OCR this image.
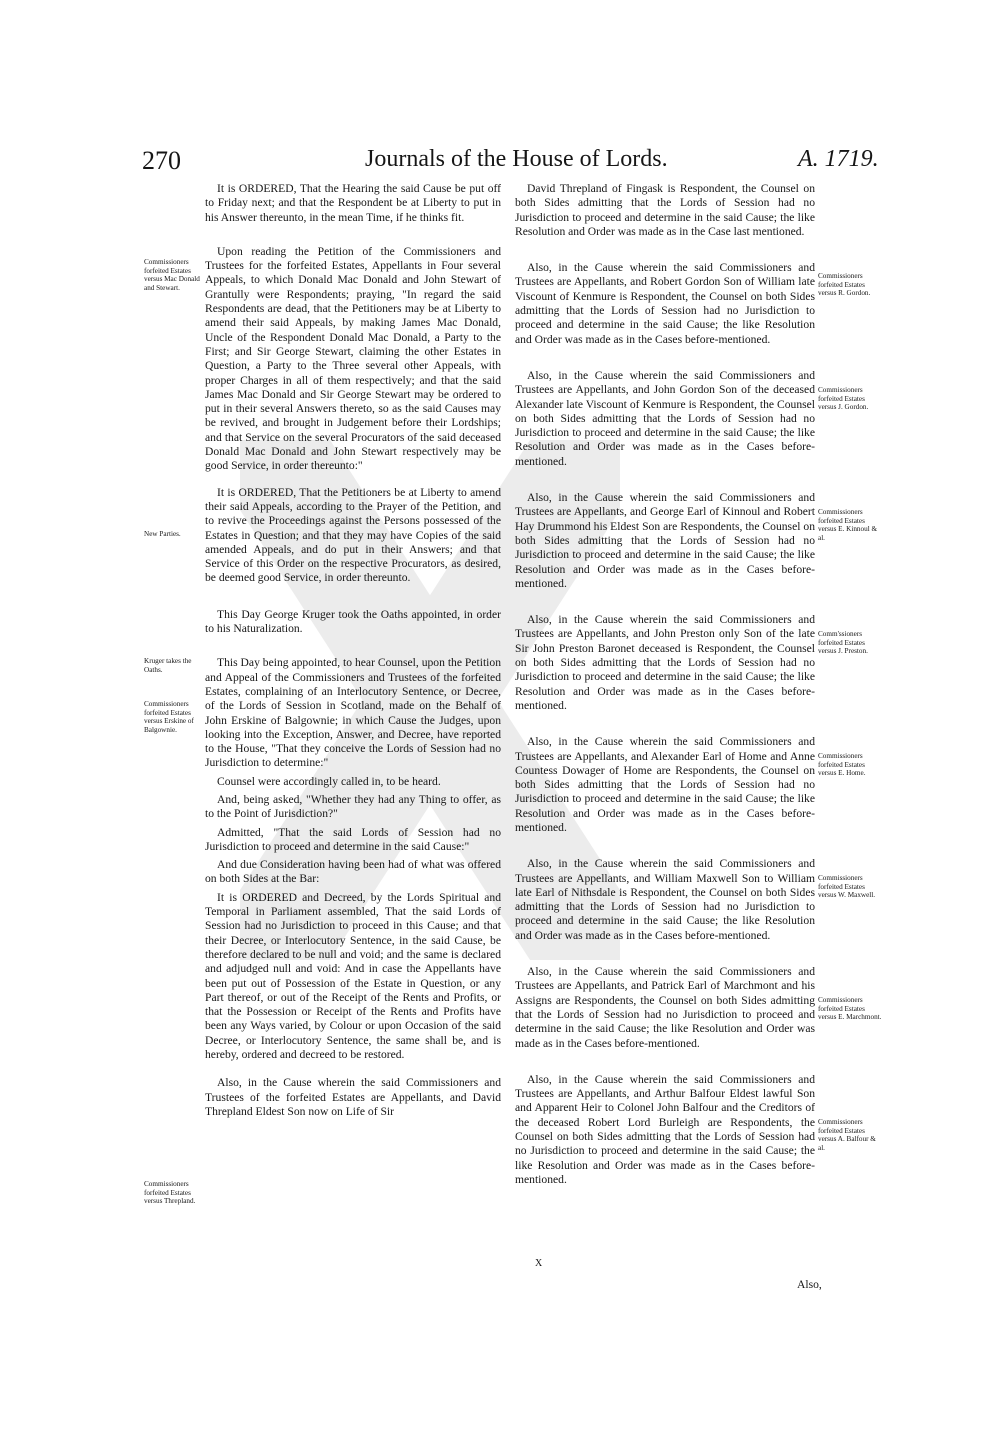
270	Journals of the House of Lords.	A. 1719.

It is ORDERED, That the Hearing the said Cause be put off to Friday next; and that the Respondent be at Liberty to put in his Answer thereunto, in the mean Time, if he thinks fit.

Upon reading the Petition of the Commissioners and Trustees for the forfeited Estates, Appellants in Four several Appeals, to which Donald Mac Donald and John Stewart of Grantully were Respondents; praying, "In regard the said Respondents are dead, that the Petitioners may be at Liberty to amend their said Appeals, by making James Mac Donald, Uncle of the Respondent Donald Mac Donald, a Party to the First; and Sir George Stewart, claiming the other Estates in Question, a Party to the Three several other Appeals, with proper Charges in all of them respectively; and that the said James Mac Donald and Sir George Stewart may be ordered to put in their several Answers thereto, so as the said Causes may be revived, and brought in Judgement before their Lordships; and that Service on the several Procurators of the said deceased Donald Mac Donald and John Stewart respectively may be good Service, in order thereunto:"

It is ORDERED, That the Petitioners be at Liberty to amend their said Appeals, according to the Prayer of the Petition, and to revive the Proceedings against the Persons possessed of the Estates in Question; and that they may have Copies of the said amended Appeals, and do put in their Answers; and that Service of this Order on the respective Procurators, as desired, be deemed good Service, in order thereunto.

This Day George Kruger took the Oaths appointed, in order to his Naturalization.

This Day being appointed, to hear Counsel, upon the Petition and Appeal of the Commissioners and Trustees of the forfeited Estates, complaining of an Interlocutory Sentence, or Decree, of the Lords of Session in Scotland, made on the Behalf of John Erskine of Balgownie; in which Cause the Judges, upon looking into the Exception, Answer, and Decree, have reported to the House, "That they conceive the Lords of Session had no Jurisdiction to determine:"

Counsel were accordingly called in, to be heard.

And, being asked, "Whether they had any Thing to offer, as to the Point of Jurisdiction?"

Admitted, "That the said Lords of Session had no Jurisdiction to proceed and determine in the said Cause:"

And due Consideration having been had of what was offered on both Sides at the Bar:

It is ORDERED and Decreed, by the Lords Spiritual and Temporal in Parliament assembled, That the said Lords of Session had no Jurisdiction to proceed in this Cause; and that their Decree, or Interlocutory Sentence, in the said Cause, be therefore declared to be null and void; and the same is declared and adjudged null and void: And in case the Appellants have been put out of Possession of the Estate in Question, or any Part thereof, or out of the Receipt of the Rents and Profits, or that the Possession or Receipt of the Rents and Profits have been any Ways varied, by Colour or upon Occasion of the said Decree, or Interlocutory Sentence, the same shall be, and is hereby, ordered and decreed to be restored.

Also, in the Cause wherein the said Commissioners and Trustees of the forfeited Estates are Appellants, and David Threpland Eldest Son now on Life of Sir

David Threpland of Fingask is Respondent, the Counsel on both Sides admitting that the Lords of Session had no Jurisdiction to proceed and determine in the said Cause; the like Resolution and Order was made as in the Case last mentioned.

Also, in the Cause wherein the said Commissioners and Trustees are Appellants, and Robert Gordon Son of William late Viscount of Kenmure is Respondent, the Counsel on both Sides admitting that the Lords of Session had no Jurisdiction to proceed and determine in the said Cause; the like Resolution and Order was made as in the Cases before-mentioned.

Also, in the Cause wherein the said Commissioners and Trustees are Appellants, and John Gordon Son of the deceased Alexander late Viscount of Kenmure is Respondent, the Counsel on both Sides admitting that the Lords of Session had no Jurisdiction to proceed and determine in the said Cause; the like Resolution and Order was made as in the Cases before-mentioned.

Also, in the Cause wherein the said Commissioners and Trustees are Appellants, and George Earl of Kinnoul and Robert Hay Drummond his Eldest Son are Respondents, the Counsel on both Sides admitting that the Lords of Session had no Jurisdiction to proceed and determine in the said Cause; the like Resolution and Order was made as in the Cases before-mentioned.

Also, in the Cause wherein the said Commissioners and Trustees are Appellants, and John Preston only Son of the late Sir John Preston Baronet deceased is Respondent, the Counsel on both Sides admitting that the Lords of Session had no Jurisdiction to proceed and determine in the said Cause; the like Resolution and Order was made as in the Cases before-mentioned.

Also, in the Cause wherein the said Commissioners and Trustees are Appellants, and Alexander Earl of Home and Anne Countess Dowager of Home are Respondents, the Counsel on both Sides admitting that the Lords of Session had no Jurisdiction to proceed and determine in the said Cause; the like Resolution and Order was made as in the Cases before-mentioned.

Also, in the Cause wherein the said Commissioners and Trustees are Appellants, and William Maxwell Son to William late Earl of Nithsdale is Respondent, the Counsel on both Sides admitting that the Lords of Session had no Jurisdiction to proceed and determine in the said Cause; the like Resolution and Order was made as in the Cases before-mentioned.

Also, in the Cause wherein the said Commissioners and Trustees are Appellants, and Patrick Earl of Marchmont and his Assigns are Respondents, the Counsel on both Sides admitting that the Lords of Session had no Jurisdiction to proceed and determine in the said Cause; the like Resolution and Order was made as in the Cases before-mentioned.

Also, in the Cause wherein the said Commissioners and Trustees are Appellants, and Arthur Balfour Eldest lawful Son and Apparent Heir to Colonel John Balfour and the Creditors of the deceased Robert Lord Burleigh are Respondents, the Counsel on both Sides admitting that the Lords of Session had no Jurisdiction to proceed and determine in the said Cause; the like Resolution and Order was made as in the Cases before-mentioned.

Commissioners forfeited Estates versus Mac Donald and Stewart.
New Parties.
Kruger takes the Oaths.
Commissioners forfeited Estates versus Erskine of Balgownie.
Commissioners forfeited Estates versus Threpland.
Commissioners forfeited Estates versus R. Gordon.
Commissioners forfeited Estates versus J. Gordon.
Commissioners forfeited Estates versus E. Kinnoul & al.
Comm'ssioners forfeited Estates versus J. Preston.
Commissioners forfeited Estates versus E. Home.
Commissioners forfeited Estates versus W. Maxwell.
Commissioners forfeited Estates versus E. Marchmont.
Commissioners forfeited Estates versus A. Balfour & al.
X
Also,
